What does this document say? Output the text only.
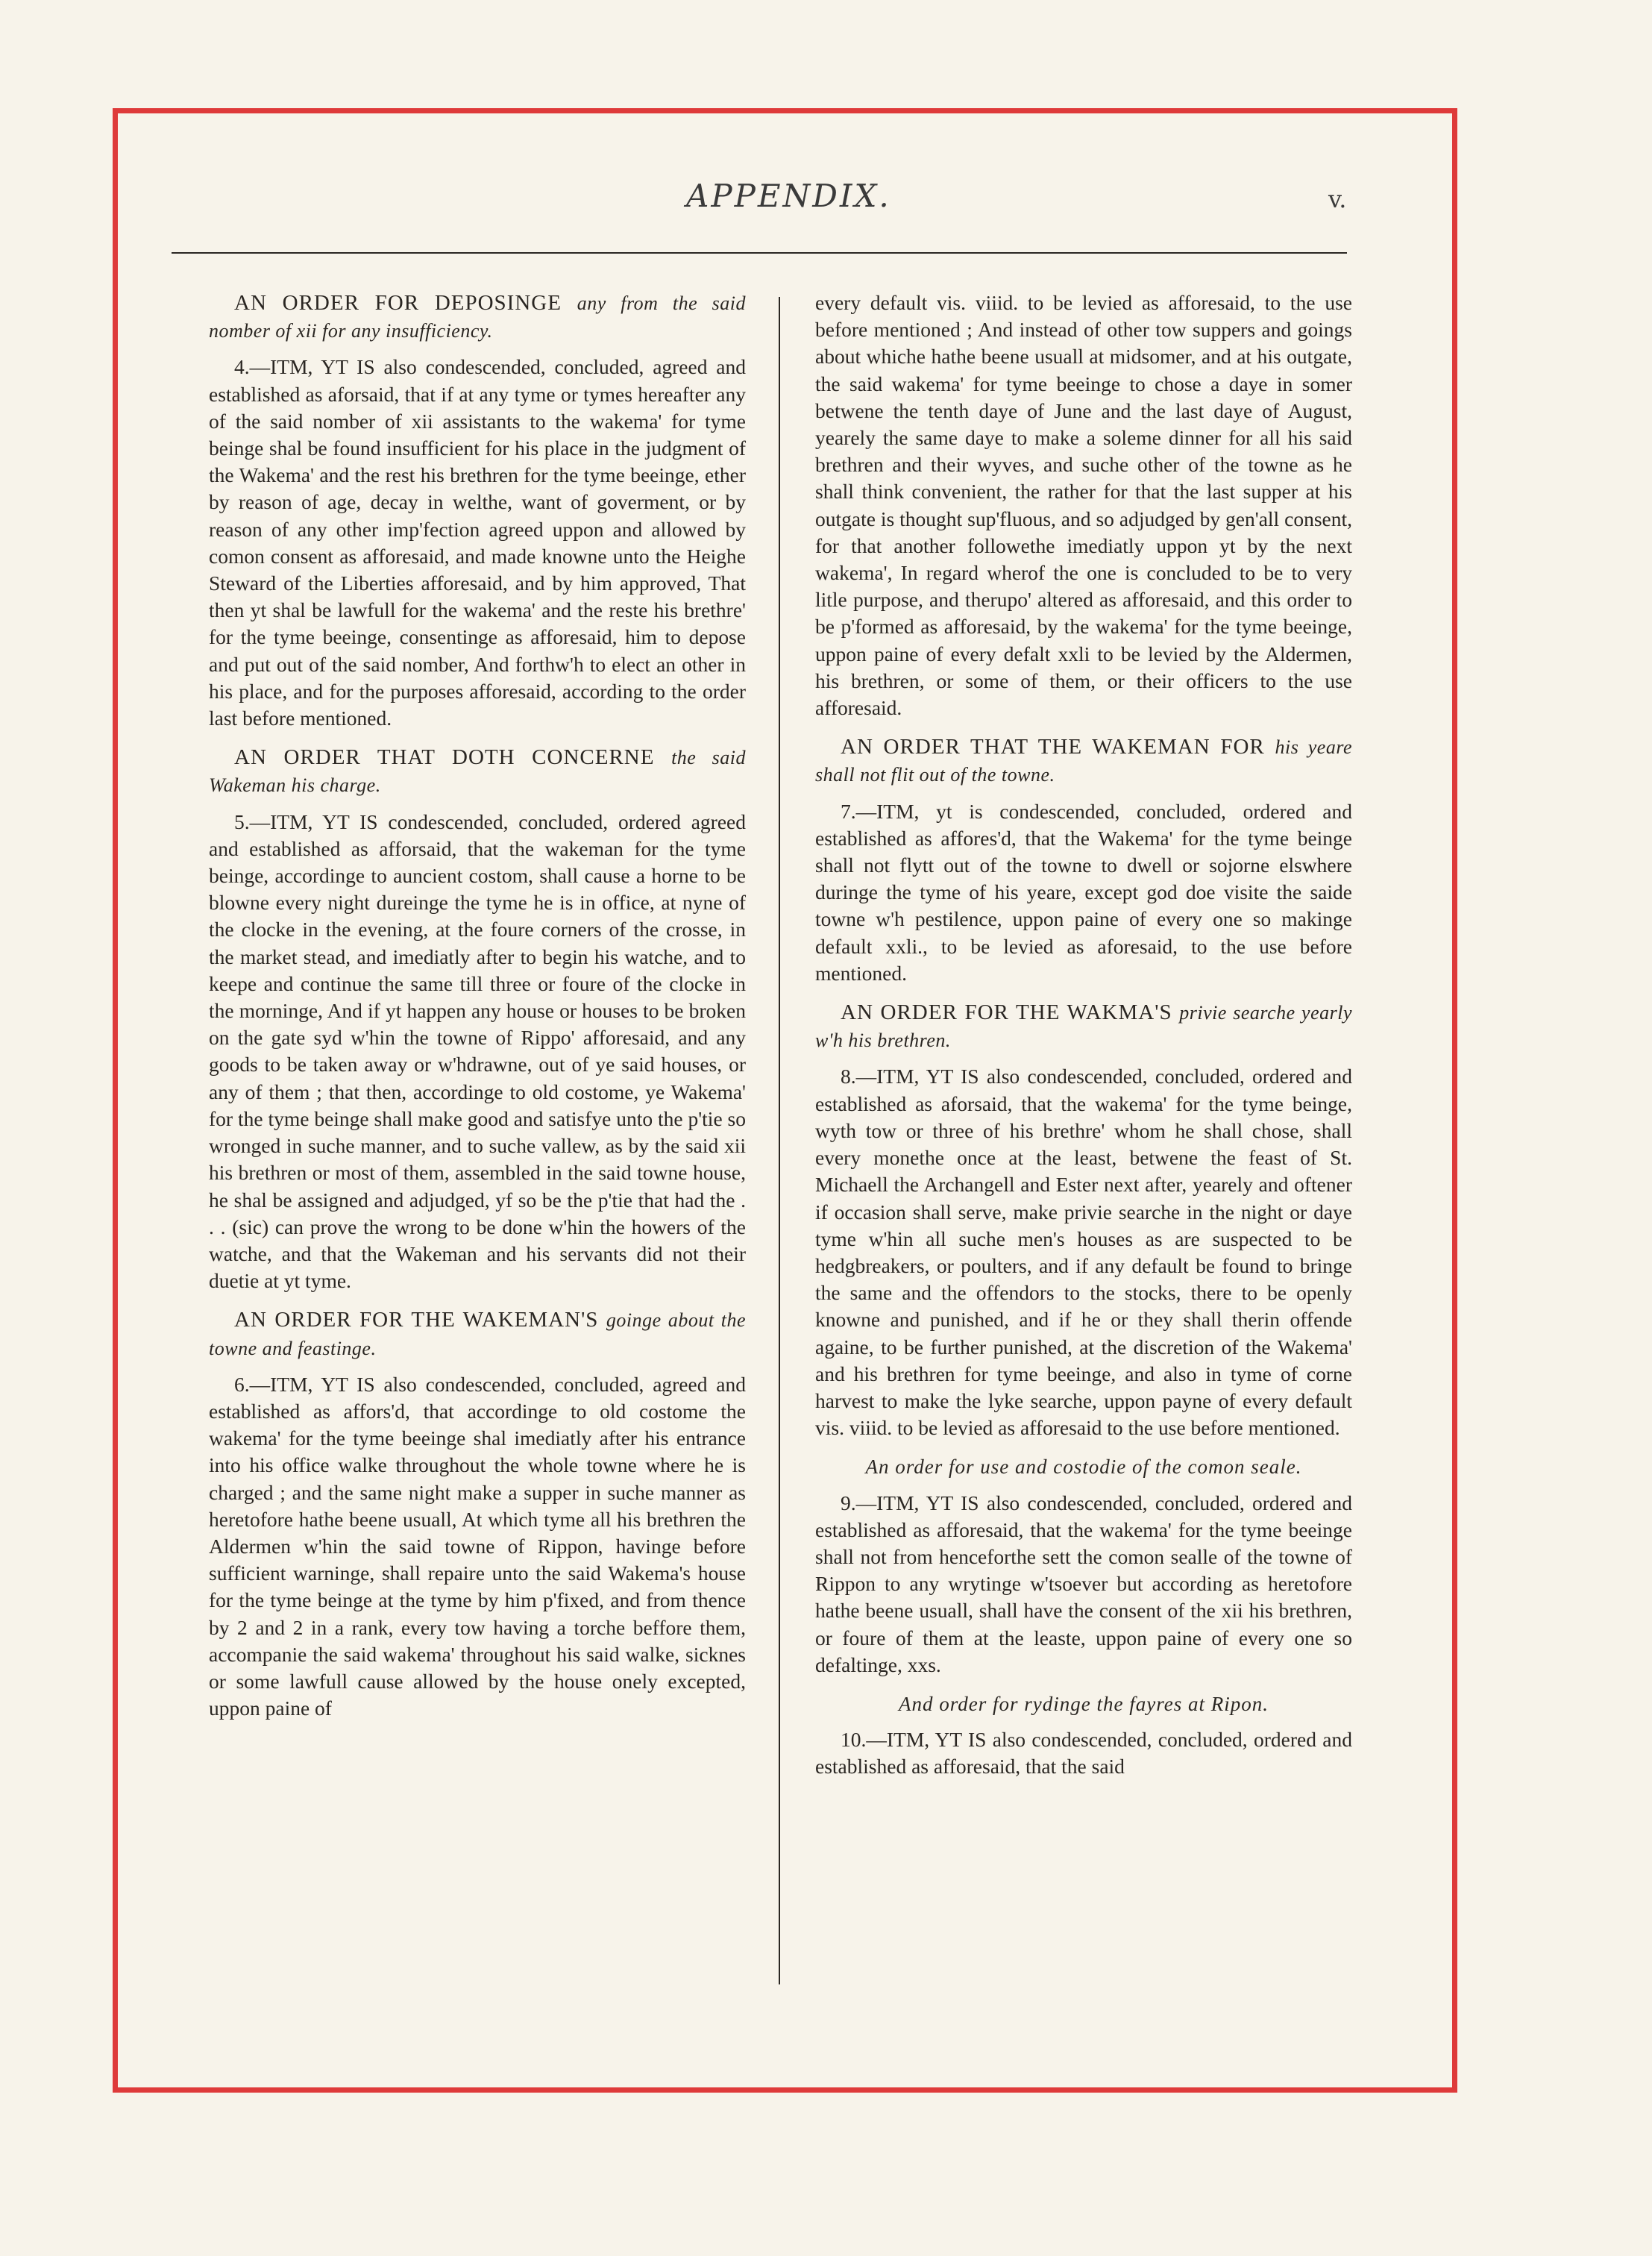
APPENDIX.	v.

AN ORDER FOR DEPOSINGE any from the said nomber of xii for any insufficiency.

4.—ITM, YT IS also condescended, concluded, agreed and established as aforsaid, that if at any tyme or tymes hereafter any of the said nomber of xii assistants to the wakema' for tyme beinge shal be found insufficient for his place in the judgment of the Wakema' and the rest his brethren for the tyme beeinge, ether by reason of age, decay in welthe, want of goverment, or by reason of any other imp'fection agreed uppon and allowed by comon consent as afforesaid, and made knowne unto the Heighe Steward of the Liberties afforesaid, and by him approved, That then yt shal be lawfull for the wakema' and the reste his brethre' for the tyme beeinge, consentinge as afforesaid, him to depose and put out of the said nomber, And forthw'h to elect an other in his place, and for the purposes afforesaid, according to the order last before mentioned.

AN ORDER THAT DOTH CONCERNE the said Wakeman his charge.

5.—ITM, YT IS condescended, concluded, ordered agreed and established as afforsaid, that the wakeman for the tyme beinge, accordinge to auncient costom, shall cause a horne to be blowne every night dureinge the tyme he is in office, at nyne of the clocke in the evening, at the foure corners of the crosse, in the market stead, and imediatly after to begin his watche, and to keepe and continue the same till three or foure of the clocke in the morninge, And if yt happen any house or houses to be broken on the gate syd w'hin the towne of Rippo' afforesaid, and any goods to be taken away or w'hdrawne, out of ye said houses, or any of them ; that then, accordinge to old costome, ye Wakema' for the tyme beinge shall make good and satisfye unto the p'tie so wronged in suche manner, and to suche vallew, as by the said xii his brethren or most of them, assembled in the said towne house, he shal be assigned and adjudged, yf so be the p'tie that had the . . . (sic) can prove the wrong to be done w'hin the howers of the watche, and that the Wakeman and his servants did not their duetie at yt tyme.

AN ORDER FOR THE WAKEMAN'S goinge about the towne and feastinge.

6.—ITM, YT IS also condescended, concluded, agreed and established as affors'd, that accordinge to old costome the wakema' for the tyme beeinge shal imediatly after his entrance into his office walke throughout the whole towne where he is charged ; and the same night make a supper in suche manner as heretofore hathe beene usuall, At which tyme all his brethren the Aldermen w'hin the said towne of Rippon, havinge before sufficient warninge, shall repaire unto the said Wakema's house for the tyme beinge at the tyme by him p'fixed, and from thence by 2 and 2 in a rank, every tow having a torche beffore them, accompanie the said wakema' throughout his said walke, sicknes or some lawfull cause allowed by the house onely excepted, uppon paine of

every default vis. viiid. to be levied as afforesaid, to the use before mentioned ; And instead of other tow suppers and goings about whiche hathe beene usuall at midsomer, and at his outgate, the said wakema' for tyme beeinge to chose a daye in somer betwene the tenth daye of June and the last daye of August, yearely the same daye to make a soleme dinner for all his said brethren and their wyves, and suche other of the towne as he shall think convenient, the rather for that the last supper at his outgate is thought sup'fluous, and so adjudged by gen'all consent, for that another followethe imediatly uppon yt by the next wakema', In regard wherof the one is concluded to be to very litle purpose, and therupo' altered as afforesaid, and this order to be p'formed as afforesaid, by the wakema' for the tyme beeinge, uppon paine of every defalt xxli to be levied by the Aldermen, his brethren, or some of them, or their officers to the use afforesaid.

AN ORDER THAT THE WAKEMAN FOR his yeare shall not flit out of the towne.

7.—ITM, yt is condescended, concluded, ordered and established as affores'd, that the Wakema' for the tyme beinge shall not flytt out of the towne to dwell or sojorne elswhere duringe the tyme of his yeare, except god doe visite the saide towne w'h pestilence, uppon paine of every one so makinge default xxli., to be levied as aforesaid, to the use before mentioned.

AN ORDER FOR THE WAKMA'S privie searche yearly w'h his brethren.

8.—ITM, YT IS also condescended, concluded, ordered and established as aforsaid, that the wakema' for the tyme beinge, wyth tow or three of his brethre' whom he shall chose, shall every monethe once at the least, betwene the feast of St. Michaell the Archangell and Ester next after, yearely and oftener if occasion shall serve, make privie searche in the night or daye tyme w'hin all suche men's houses as are suspected to be hedgbreakers, or poulters, and if any default be found to bringe the same and the offendors to the stocks, there to be openly knowne and punished, and if he or they shall therin offende againe, to be further punished, at the discretion of the Wakema' and his brethren for tyme beeinge, and also in tyme of corne harvest to make the lyke searche, uppon payne of every default vis. viiid. to be levied as afforesaid to the use before mentioned.

An order for use and costodie of the comon seale.

9.—ITM, YT IS also condescended, concluded, ordered and established as afforesaid, that the wakema' for the tyme beeinge shall not from henceforthe sett the comon sealle of the towne of Rippon to any wrytinge w'tsoever but according as heretofore hathe beene usuall, shall have the consent of the xii his brethren, or foure of them at the leaste, uppon paine of every one so defaltinge, xxs.

And order for rydinge the fayres at Ripon.

10.—ITM, YT IS also condescended, concluded, ordered and established as afforesaid, that the said
